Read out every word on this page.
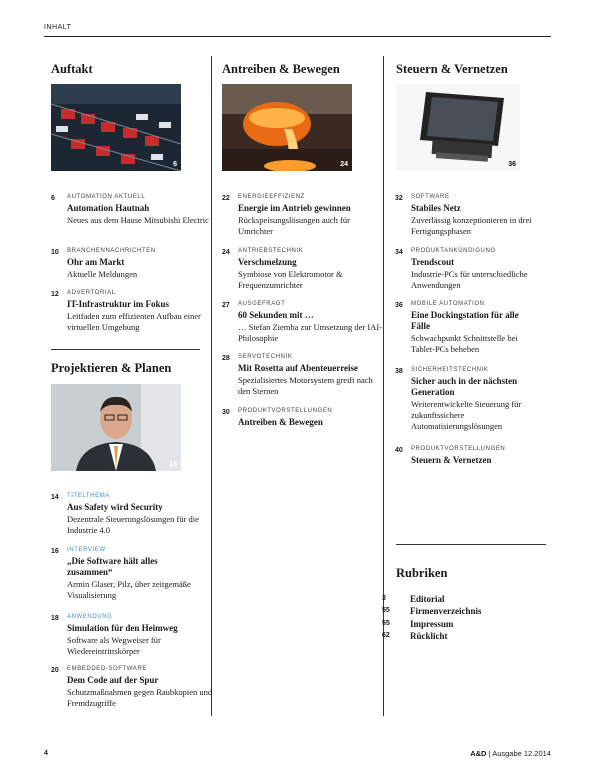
INHALT
Auftakt	Antreiben & Bewegen	Steuern & Vernetzen
Projektieren & Planen
Rubriken
6	24	36
16
6 AUTOMATION AKTUELL
Automation Hautnah
Neues aus dem Hause Mitsubishi Electric
10 BRANCHENNACHRICHTEN
Ohr am Markt
Aktuelle Meldungen
12 ADVERTORIAL
IT-Infrastruktur im Fokus
Leitfaden zum effizienten Aufbau einer virtuellen Umgebung
14 TITELTHEMA
Aus Safety wird Security
Dezentrale Steuerungslösungen für die Industrie 4.0
16 INTERVIEW
„Die Software hält alles zusammen“
Armin Glaser, Pilz, über zeitgemäße Visualisierung
18 ANWENDUNG
Simulation für den Heimweg
Software als Wegweiser für Wiedereintrittskörper
20 EMBEDDED-SOFTWARE
Dem Code auf der Spur
Schutzmaßnahmen gegen Raubkopien und Fremdzugriffe
22 ENERGIEEFFIZIENZ
Energie im Antrieb gewinnen
Rückspeisungslösungen auch für Umrichter
24 ANTRIEBSTECHNIK
Verschmelzung
Symbiose von Elektromotor & Frequenzumrichter
27 AUSGEFRAGT
60 Sekunden mit …
… Stefan Ziemba zur Umsetzung der IAI-Philosophie
28 SERVOTECHNIK
Mit Rosetta auf Abenteuerreise
Spezialisiertes Motorsystem greift nach den Sternen
30 PRODUKTVORSTELLUNGEN
Antreiben & Bewegen
32 SOFTWARE
Stabiles Netz
Zuverlässig konzeptionieren in drei Fertigungsphasen
34 PRODUKTANKÜNDIGUNG
Trendscout
Industrie-PCs für unterschiedliche Anwendungen
36 MOBILE AUTOMATION
Eine Dockingstation für alle Fälle
Schwachpunkt Schnittstelle bei Tablet-PCs beheben
38 SICHERHEITSTECHNIK
Sicher auch in der nächsten Generation
Weiterentwickelte Steuerung für zukunftssichere Automatisierungslösungen
40 PRODUKTVORSTELLUNGEN
Steuern & Vernetzen
3	Editorial
55 Firmenverzeichnis
55 Impressum
62 Rücklicht
4	A&D | Ausgabe 12.2014
